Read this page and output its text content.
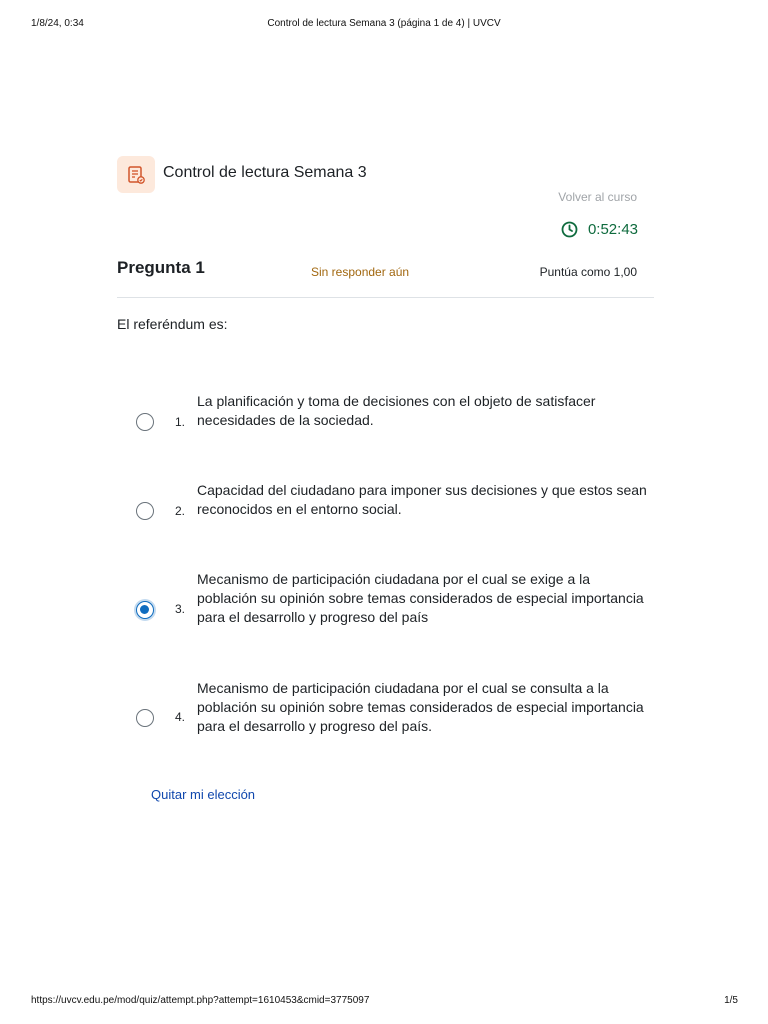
1/8/24, 0:34	Control de lectura Semana 3 (página 1 de 4) | UVCV
Control de lectura Semana 3
Volver al curso
0:52:43
Pregunta 1	Sin responder aún	Puntúa como 1,00
El referéndum es:
1.
La planificación y toma de decisiones con el objeto de satisfacer necesidades de la sociedad.
2.
Capacidad del ciudadano para imponer sus decisiones y que estos sean reconocidos en el entorno social.
3.
Mecanismo de participación ciudadana por el cual se exige a la población su opinión sobre temas considerados de especial importancia para el desarrollo y progreso del país
4.
Mecanismo de participación ciudadana por el cual se consulta a la población su opinión sobre temas considerados de especial importancia para el desarrollo y progreso del país.
Quitar mi elección
https://uvcv.edu.pe/mod/quiz/attempt.php?attempt=1610453&cmid=3775097	1/5
